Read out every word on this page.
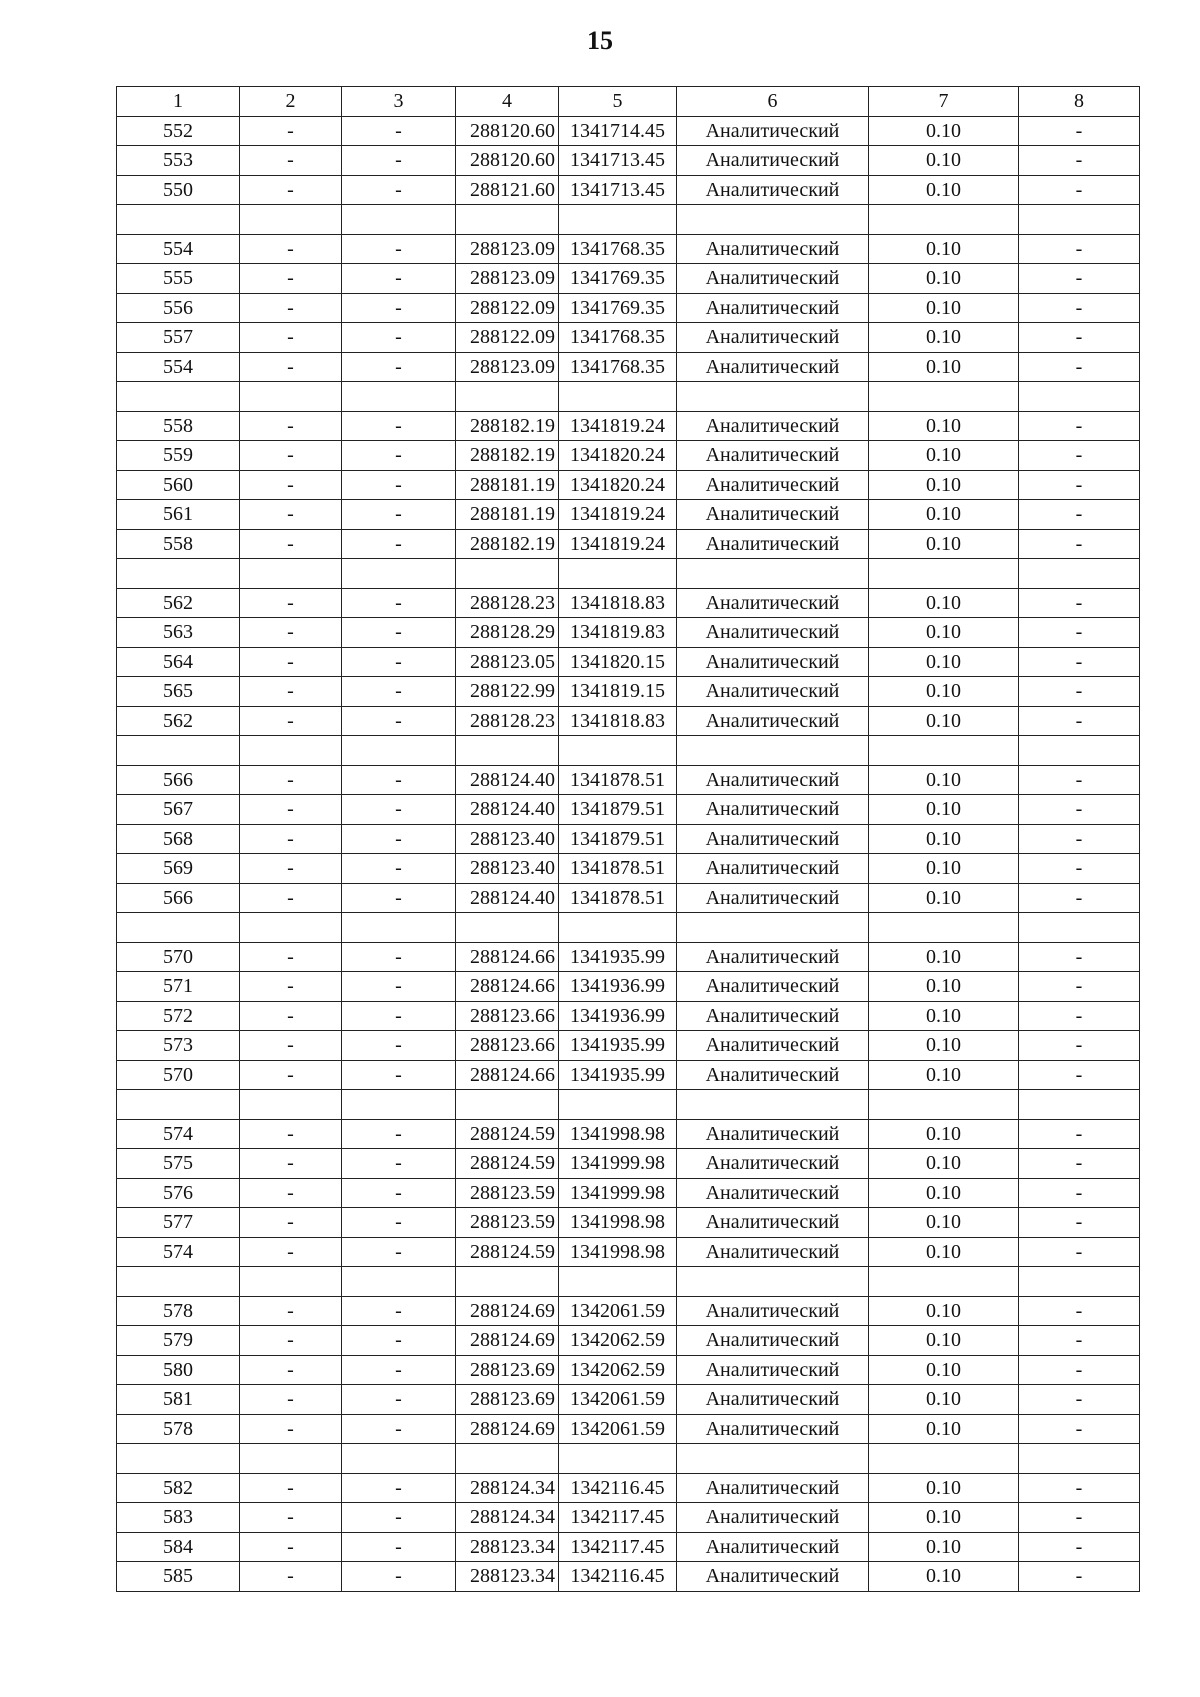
15
1	2	3	4	5	6	7	8
552	-	-	288120.60	1341714.45	Аналитический	0.10	-
553	-	-	288120.60	1341713.45	Аналитический	0.10	-
550	-	-	288121.60	1341713.45	Аналитический	0.10	-

554	-	-	288123.09	1341768.35	Аналитический	0.10	-
555	-	-	288123.09	1341769.35	Аналитический	0.10	-
556	-	-	288122.09	1341769.35	Аналитический	0.10	-
557	-	-	288122.09	1341768.35	Аналитический	0.10	-
554	-	-	288123.09	1341768.35	Аналитический	0.10	-

558	-	-	288182.19	1341819.24	Аналитический	0.10	-
559	-	-	288182.19	1341820.24	Аналитический	0.10	-
560	-	-	288181.19	1341820.24	Аналитический	0.10	-
561	-	-	288181.19	1341819.24	Аналитический	0.10	-
558	-	-	288182.19	1341819.24	Аналитический	0.10	-

562	-	-	288128.23	1341818.83	Аналитический	0.10	-
563	-	-	288128.29	1341819.83	Аналитический	0.10	-
564	-	-	288123.05	1341820.15	Аналитический	0.10	-
565	-	-	288122.99	1341819.15	Аналитический	0.10	-
562	-	-	288128.23	1341818.83	Аналитический	0.10	-

566	-	-	288124.40	1341878.51	Аналитический	0.10	-
567	-	-	288124.40	1341879.51	Аналитический	0.10	-
568	-	-	288123.40	1341879.51	Аналитический	0.10	-
569	-	-	288123.40	1341878.51	Аналитический	0.10	-
566	-	-	288124.40	1341878.51	Аналитический	0.10	-

570	-	-	288124.66	1341935.99	Аналитический	0.10	-
571	-	-	288124.66	1341936.99	Аналитический	0.10	-
572	-	-	288123.66	1341936.99	Аналитический	0.10	-
573	-	-	288123.66	1341935.99	Аналитический	0.10	-
570	-	-	288124.66	1341935.99	Аналитический	0.10	-

574	-	-	288124.59	1341998.98	Аналитический	0.10	-
575	-	-	288124.59	1341999.98	Аналитический	0.10	-
576	-	-	288123.59	1341999.98	Аналитический	0.10	-
577	-	-	288123.59	1341998.98	Аналитический	0.10	-
574	-	-	288124.59	1341998.98	Аналитический	0.10	-

578	-	-	288124.69	1342061.59	Аналитический	0.10	-
579	-	-	288124.69	1342062.59	Аналитический	0.10	-
580	-	-	288123.69	1342062.59	Аналитический	0.10	-
581	-	-	288123.69	1342061.59	Аналитический	0.10	-
578	-	-	288124.69	1342061.59	Аналитический	0.10	-

582	-	-	288124.34	1342116.45	Аналитический	0.10	-
583	-	-	288124.34	1342117.45	Аналитический	0.10	-
584	-	-	288123.34	1342117.45	Аналитический	0.10	-
585	-	-	288123.34	1342116.45	Аналитический	0.10	-
